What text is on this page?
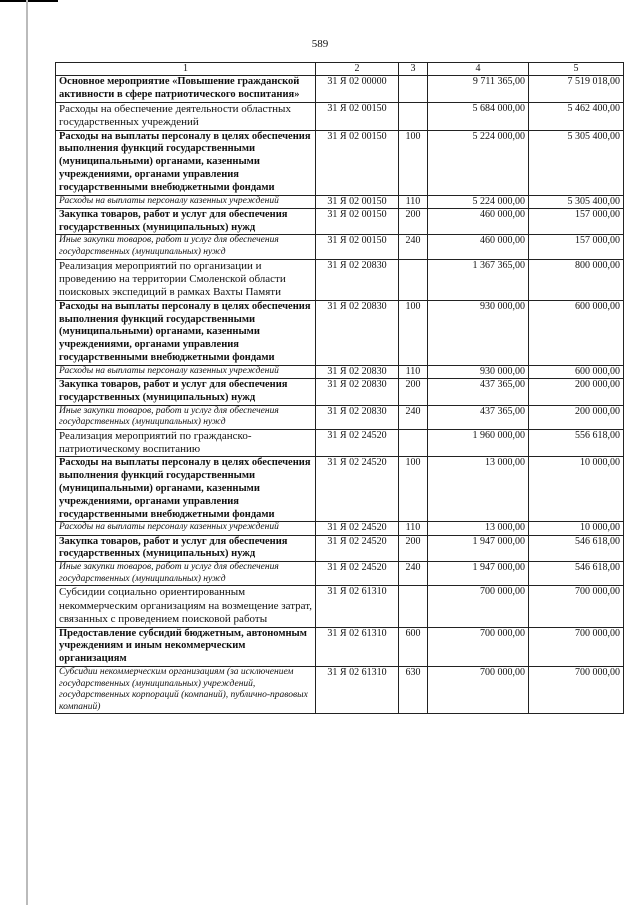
589
1	2	3	4	5
Основное мероприятие «Повышение гражданской активности в сфере патриотического воспитания»	31 Я 02 00000		9 711 365,00	7 519 018,00
Расходы на обеспечение деятельности областных государственных учреждений	31 Я 02 00150		5 684 000,00	5 462 400,00
Расходы на выплаты персоналу в целях обеспечения выполнения функций государственными (муниципальными) органами, казенными учреждениями, органами управления государственными внебюджетными фондами	31 Я 02 00150	100	5 224 000,00	5 305 400,00
Расходы на выплаты персоналу казенных учреждений	31 Я 02 00150	110	5 224 000,00	5 305 400,00
Закупка товаров, работ и услуг для обеспечения государственных (муниципальных) нужд	31 Я 02 00150	200	460 000,00	157 000,00
Иные закупки товаров, работ и услуг для обеспечения государственных (муниципальных) нужд	31 Я 02 00150	240	460 000,00	157 000,00
Реализация мероприятий по организации и проведению на территории Смоленской области поисковых экспедиций в рамках Вахты Памяти	31 Я 02 20830		1 367 365,00	800 000,00
Расходы на выплаты персоналу в целях обеспечения выполнения функций государственными (муниципальными) органами, казенными учреждениями, органами управления государственными внебюджетными фондами	31 Я 02 20830	100	930 000,00	600 000,00
Расходы на выплаты персоналу казенных учреждений	31 Я 02 20830	110	930 000,00	600 000,00
Закупка товаров, работ и услуг для обеспечения государственных (муниципальных) нужд	31 Я 02 20830	200	437 365,00	200 000,00
Иные закупки товаров, работ и услуг для обеспечения государственных (муниципальных) нужд	31 Я 02 20830	240	437 365,00	200 000,00
Реализация мероприятий по гражданско-патриотическому воспитанию	31 Я 02 24520		1 960 000,00	556 618,00
Расходы на выплаты персоналу в целях обеспечения выполнения функций государственными (муниципальными) органами, казенными учреждениями, органами управления государственными внебюджетными фондами	31 Я 02 24520	100	13 000,00	10 000,00
Расходы на выплаты персоналу казенных учреждений	31 Я 02 24520	110	13 000,00	10 000,00
Закупка товаров, работ и услуг для обеспечения государственных (муниципальных) нужд	31 Я 02 24520	200	1 947 000,00	546 618,00
Иные закупки товаров, работ и услуг для обеспечения государственных (муниципальных) нужд	31 Я 02 24520	240	1 947 000,00	546 618,00
Субсидии социально ориентированным некоммерческим организациям на возмещение затрат, связанных с проведением поисковой работы	31 Я 02 61310		700 000,00	700 000,00
Предоставление субсидий бюджетным, автономным учреждениям и иным некоммерческим организациям	31 Я 02 61310	600	700 000,00	700 000,00
Субсидии некоммерческим организациям (за исключением государственных (муниципальных) учреждений, государственных корпораций (компаний), публично-правовых компаний)	31 Я 02 61310	630	700 000,00	700 000,00
